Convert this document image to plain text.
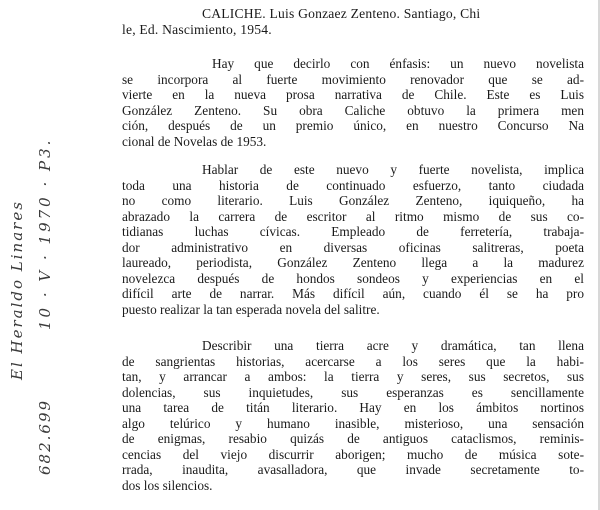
El Heraldo Linares 10 · V · 1970 · P3.
682.699
CALICHE. Luis Gonzaez Zenteno. Santiago, Chi
le, Ed. Nascimiento, 1954.
Hay que decirlo con énfasis: un nuevo novelista
se incorpora al fuerte movimiento renovador que se ad-
vierte en la nueva prosa narrativa de Chile. Este es Luis
González Zenteno. Su obra Caliche obtuvo la primera men
ción, después de un premio único, en nuestro Concurso Na
cional de Novelas de 1953.
Hablar de este nuevo y fuerte novelista, implica
toda una historia de continuado esfuerzo, tanto ciudada
no como literario. Luis González Zenteno, iquiqueño, ha
abrazado la carrera de escritor al ritmo mismo de sus co-
tidianas luchas cívicas. Empleado de ferretería, trabaja-
dor administrativo en diversas oficinas salitreras, poeta
laureado, periodista, González Zenteno llega a la madurez
novelezca después de hondos sondeos y experiencias en el
difícil arte de narrar. Más difícil aún, cuando él se ha pro
puesto realizar la tan esperada novela del salitre.
Describir una tierra acre y dramática, tan llena
de sangrientas historias, acercarse a los seres que la habi-
tan, y arrancar a ambos: la tierra y seres, sus secretos, sus
dolencias, sus inquietudes, sus esperanzas es sencillamente
una tarea de titán literario. Hay en los ámbitos nortinos
algo telúrico y humano inasible, misterioso, una sensación
de enigmas, resabio quizás de antiguos cataclismos, reminis-
cencias del viejo discurrir aborigen; mucho de música sote-
rrada, inaudita, avasalladora, que invade secretamente to-
dos los silencios.
